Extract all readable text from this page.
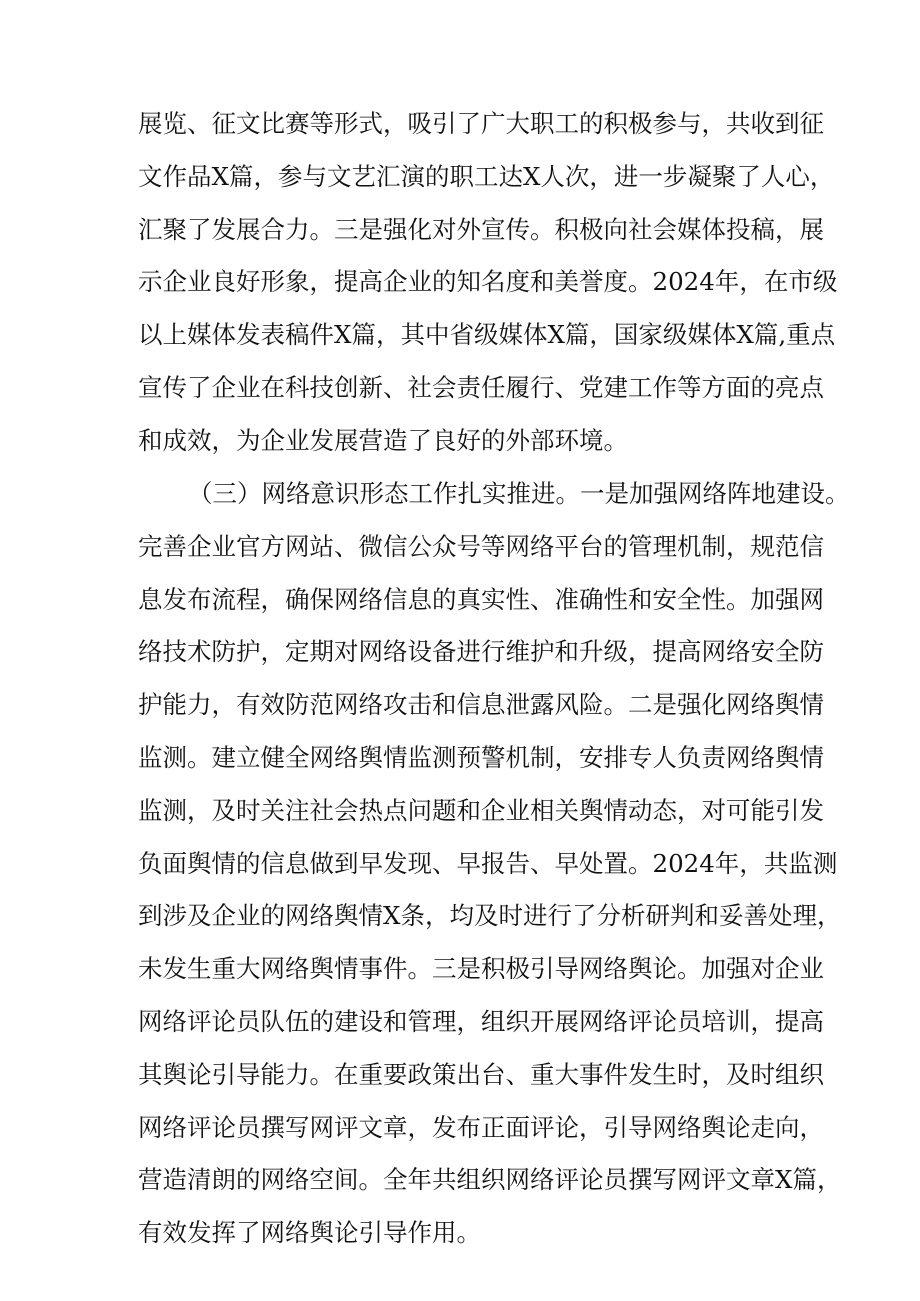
展览、征文比赛等形式，吸引了广大职工的积极参与，共收到征
文作品X篇，参与文艺汇演的职工达X人次，进一步凝聚了人心，
汇聚了发展合力。三是强化对外宣传。积极向社会媒体投稿，展
示企业良好形象，提高企业的知名度和美誉度。2024年，在市级
以上媒体发表稿件X篇，其中省级媒体X篇，国家级媒体X篇,重点
宣传了企业在科技创新、社会责任履行、党建工作等方面的亮点
和成效，为企业发展营造了良好的外部环境。
（三）网络意识形态工作扎实推进。一是加强网络阵地建设。
完善企业官方网站、微信公众号等网络平台的管理机制，规范信
息发布流程，确保网络信息的真实性、准确性和安全性。加强网
络技术防护，定期对网络设备进行维护和升级，提高网络安全防
护能力，有效防范网络攻击和信息泄露风险。二是强化网络舆情
监测。建立健全网络舆情监测预警机制，安排专人负责网络舆情
监测，及时关注社会热点问题和企业相关舆情动态，对可能引发
负面舆情的信息做到早发现、早报告、早处置。2024年，共监测
到涉及企业的网络舆情X条，均及时进行了分析研判和妥善处理，
未发生重大网络舆情事件。三是积极引导网络舆论。加强对企业
网络评论员队伍的建设和管理，组织开展网络评论员培训，提高
其舆论引导能力。在重要政策出台、重大事件发生时，及时组织
网络评论员撰写网评文章，发布正面评论，引导网络舆论走向，
营造清朗的网络空间。全年共组织网络评论员撰写网评文章X篇，
有效发挥了网络舆论引导作用。
